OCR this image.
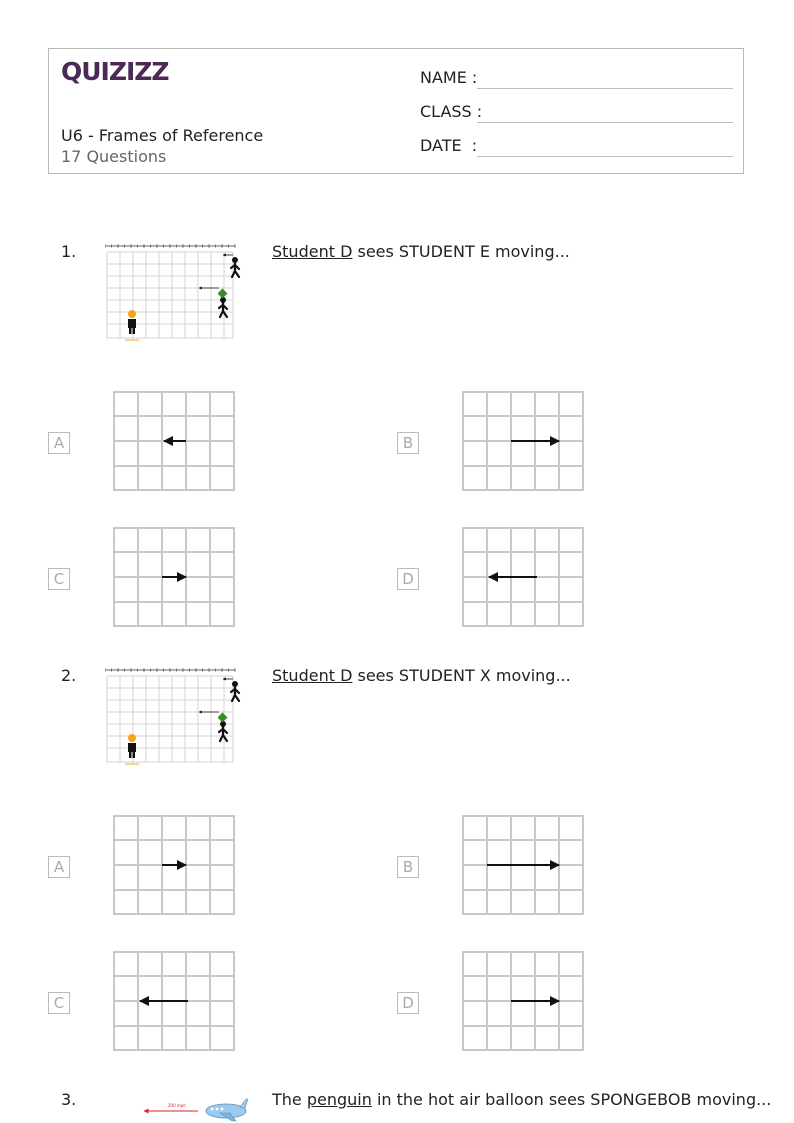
QUIZIZZ
U6 - Frames of Reference
17 Questions
NAME :
CLASS :
DATE  :
1.	Student D sees STUDENT E moving...
A	B
C	D
2.	Student D sees STUDENT X moving...
A	B
C	D
3.	200 mph	The penguin in the hot air balloon sees SPONGEBOB moving...
